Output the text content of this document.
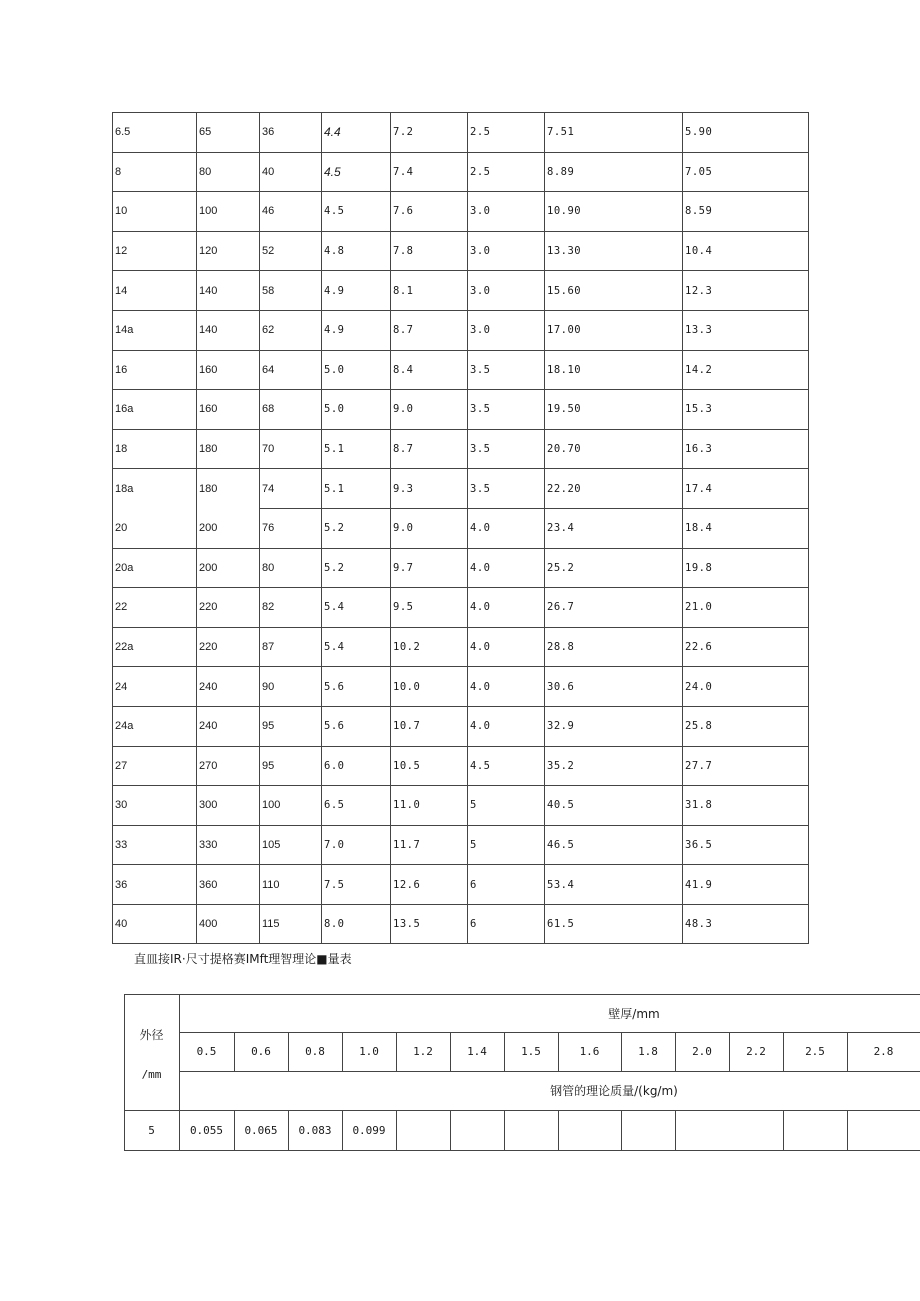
6.5	65	36	4.4	7.2	2.5	7.51	5.90
8	80	40	4.5	7.4	2.5	8.89	7.05
10	100	46	4.5	7.6	3.0	10.90	8.59
12	120	52	4.8	7.8	3.0	13.30	10.4
14	140	58	4.9	8.1	3.0	15.60	12.3
14a	140	62	4.9	8.7	3.0	17.00	13.3
16	160	64	5.0	8.4	3.5	18.10	14.2
16a	160	68	5.0	9.0	3.5	19.50	15.3
18	180	70	5.1	8.7	3.5	20.70	16.3
18a	180	74	5.1	9.3	3.5	22.20	17.4
20	200	76	5.2	9.0	4.0	23.4	18.4
20a	200	80	5.2	9.7	4.0	25.2	19.8
22	220	82	5.4	9.5	4.0	26.7	21.0
22a	220	87	5.4	10.2	4.0	28.8	22.6
24	240	90	5.6	10.0	4.0	30.6	24.0
24a	240	95	5.6	10.7	4.0	32.9	25.8
27	270	95	6.0	10.5	4.5	35.2	27.7
30	300	100	6.5	11.0	5	40.5	31.8
33	330	105	7.0	11.7	5	46.5	36.5
36	360	110	7.5	12.6	6	53.4	41.9
40	400	115	8.0	13.5	6	61.5	48.3
直皿接IR·尺寸提格赛IMft理智理论■量表
外径
/mm
壁厚/mm
0.5	0.6	0.8	1.0	1.2	1.4	1.5	1.6	1.8	2.0	2.2	2.5	2.8
钢管的理论质量/(kg/m)
5	0.055	0.065	0.083	0.099
